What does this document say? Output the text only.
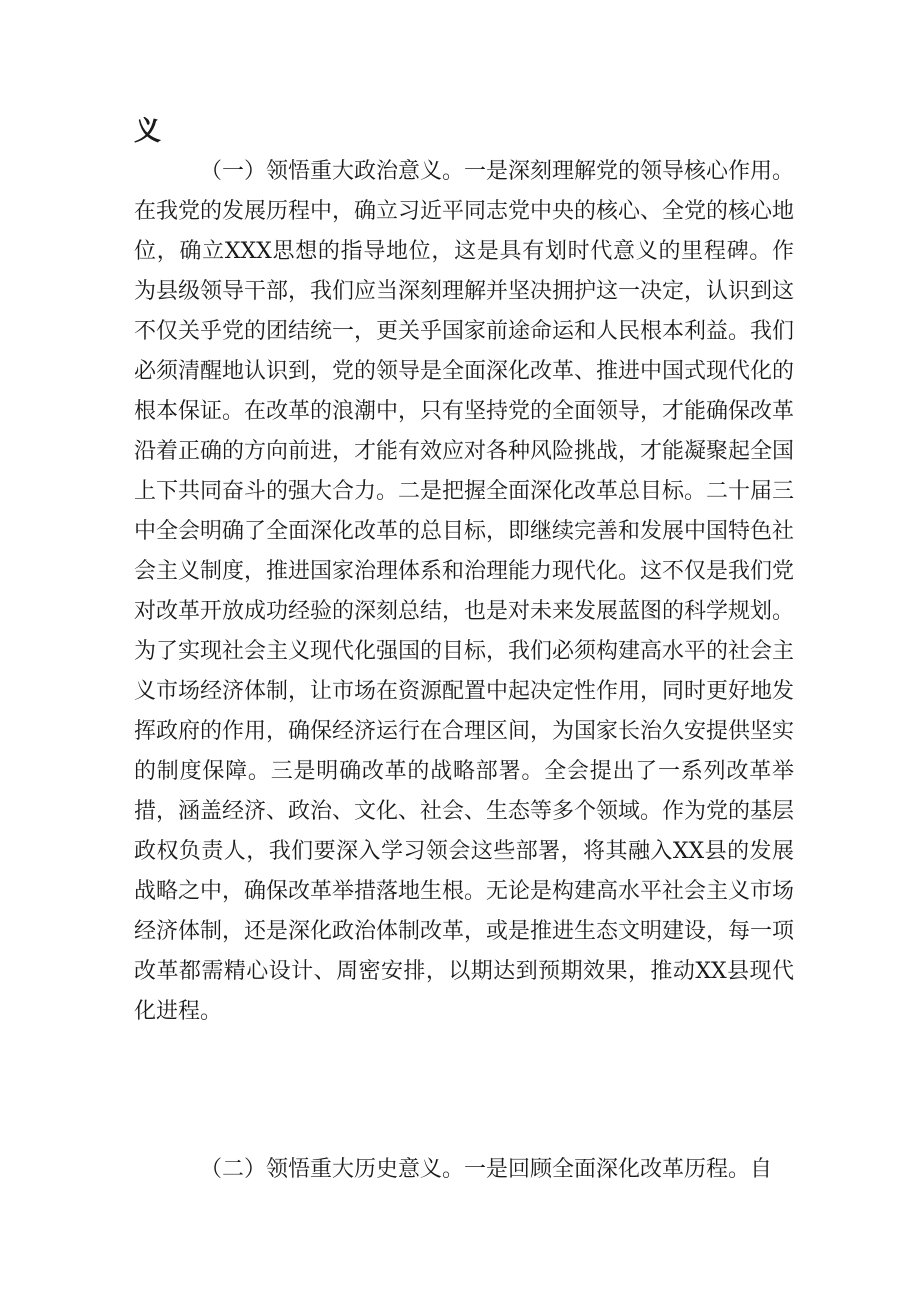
义
（一）领悟重大政治意义。一是深刻理解党的领导核心作用。在我党的发展历程中，确立习近平同志党中央的核心、全党的核心地位，确立XXX思想的指导地位，这是具有划时代意义的里程碑。作为县级领导干部，我们应当深刻理解并坚决拥护这一决定，认识到这不仅关乎党的团结统一，更关乎国家前途命运和人民根本利益。我们必须清醒地认识到，党的领导是全面深化改革、推进中国式现代化的根本保证。在改革的浪潮中，只有坚持党的全面领导，才能确保改革沿着正确的方向前进，才能有效应对各种风险挑战，才能凝聚起全国上下共同奋斗的强大合力。二是把握全面深化改革总目标。二十届三中全会明确了全面深化改革的总目标，即继续完善和发展中国特色社会主义制度，推进国家治理体系和治理能力现代化。这不仅是我们党对改革开放成功经验的深刻总结，也是对未来发展蓝图的科学规划。为了实现社会主义现代化强国的目标，我们必须构建高水平的社会主义市场经济体制，让市场在资源配置中起决定性作用，同时更好地发挥政府的作用，确保经济运行在合理区间，为国家长治久安提供坚实的制度保障。三是明确改革的战略部署。全会提出了一系列改革举措，涵盖经济、政治、文化、社会、生态等多个领域。作为党的基层政权负责人，我们要深入学习领会这些部署，将其融入XX县的发展战略之中，确保改革举措落地生根。无论是构建高水平社会主义市场经济体制，还是深化政治体制改革，或是推进生态文明建设，每一项改革都需精心设计、周密安排，以期达到预期效果，推动XX县现代化进程。
（二）领悟重大历史意义。一是回顾全面深化改革历程。自
